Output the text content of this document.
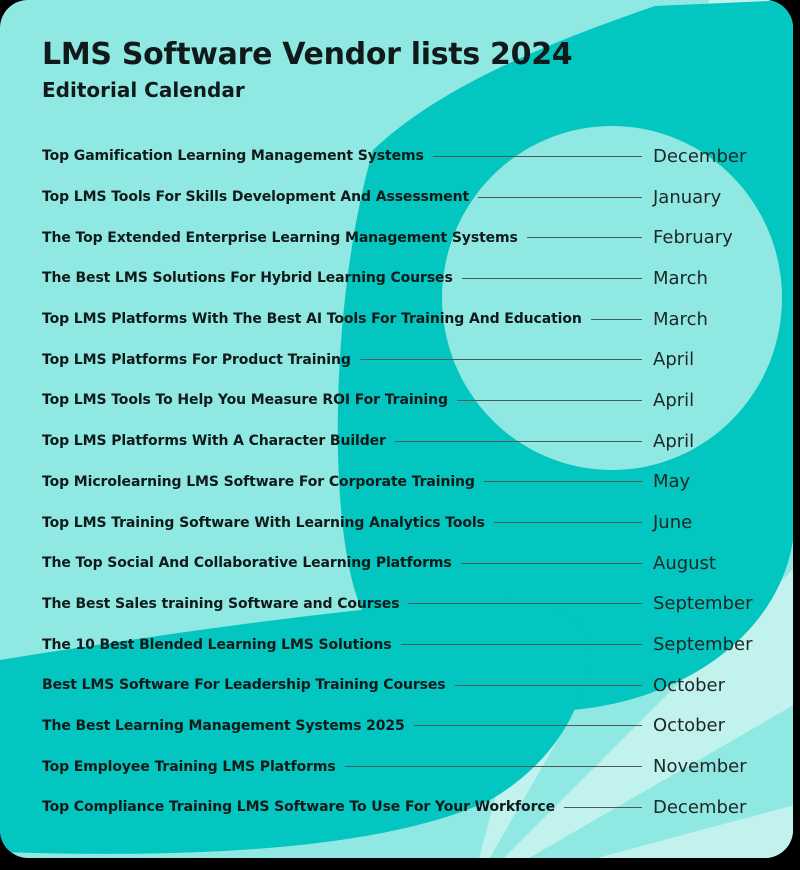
LMS Software Vendor lists 2024
Editorial Calendar
Top Gamification Learning Management Systems	December
Top LMS Tools For Skills Development And Assessment	January
The Top Extended Enterprise Learning Management Systems	February
The Best LMS Solutions For Hybrid Learning Courses	March
Top LMS Platforms With The Best AI Tools For Training And Education	March
Top LMS Platforms For Product Training	April
Top LMS Tools To Help You Measure ROI For Training	April
Top LMS Platforms With A Character Builder	April
Top Microlearning LMS Software For Corporate Training	May
Top LMS Training Software With Learning Analytics Tools	June
The Top Social And Collaborative Learning Platforms	August
The Best Sales training Software and Courses	September
The 10 Best Blended Learning LMS Solutions	September
Best LMS Software For Leadership Training Courses	October
The Best Learning Management Systems 2025	October
Top Employee Training LMS Platforms	November
Top Compliance Training LMS Software To Use For Your Workforce	December
